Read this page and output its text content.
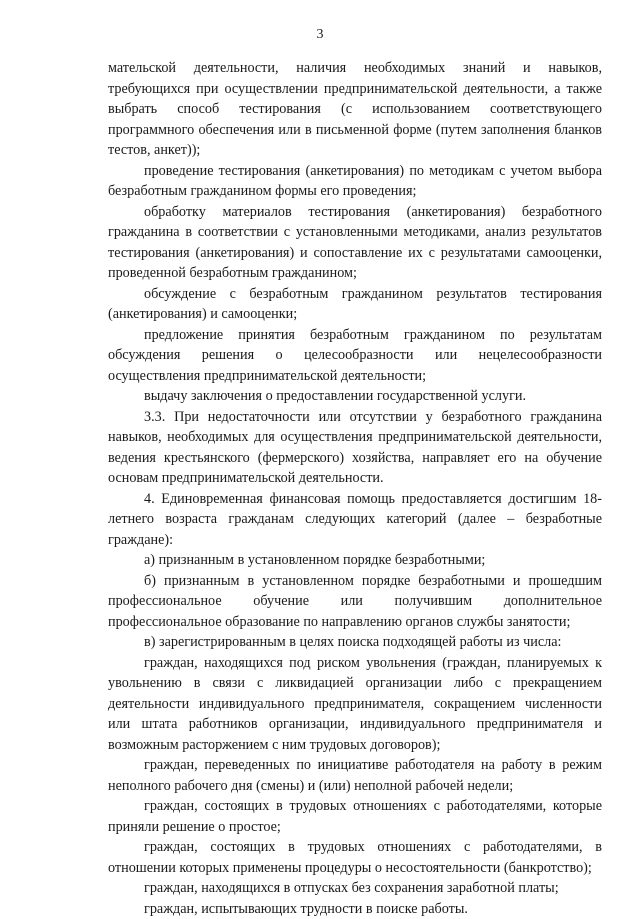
3

мательской деятельности, наличия необходимых знаний и навыков, требующихся при осуществлении предпринимательской деятельности, а также выбрать способ тестирования (с использованием соответствующего программного обеспечения или в письменной форме (путем заполнения бланков тестов, анкет));

проведение тестирования (анкетирования) по методикам с учетом выбора безработным гражданином формы его проведения;

обработку материалов тестирования (анкетирования) безработного гражданина в соответствии с установленными методиками, анализ результатов тестирования (анкетирования) и сопоставление их с результатами самооценки, проведенной безработным гражданином;

обсуждение с безработным гражданином результатов тестирования (анкетирования) и самооценки;

предложение принятия безработным гражданином по результатам обсуждения решения о целесообразности или нецелесообразности осуществления предпринимательской деятельности;

выдачу заключения о предоставлении государственной услуги.

3.3. При недостаточности или отсутствии у безработного гражданина навыков, необходимых для осуществления предпринимательской деятельности, ведения крестьянского (фермерского) хозяйства, направляет его на обучение основам предпринимательской деятельности.

4. Единовременная финансовая помощь предоставляется достигшим 18-летнего возраста гражданам следующих категорий (далее – безработные граждане):

а) признанным в установленном порядке безработными;

б) признанным в установленном порядке безработными и прошедшим профессиональное обучение или получившим дополнительное профессиональное образование по направлению органов службы занятости;

в) зарегистрированным в целях поиска подходящей работы из числа:

граждан, находящихся под риском увольнения (граждан, планируемых к увольнению в связи с ликвидацией организации либо с прекращением деятельности индивидуального предпринимателя, сокращением численности или штата работников организации, индивидуального предпринимателя и возможным расторжением с ним трудовых договоров);

граждан, переведенных по инициативе работодателя на работу в режим неполного рабочего дня (смены) и (или) неполной рабочей недели;

граждан, состоящих в трудовых отношениях с работодателями, которые приняли решение о простое;

граждан, состоящих в трудовых отношениях с работодателями, в отношении которых применены процедуры о несостоятельности (банкротство);

граждан, находящихся в отпусках без сохранения заработной платы;

граждан, испытывающих трудности в поиске работы.
